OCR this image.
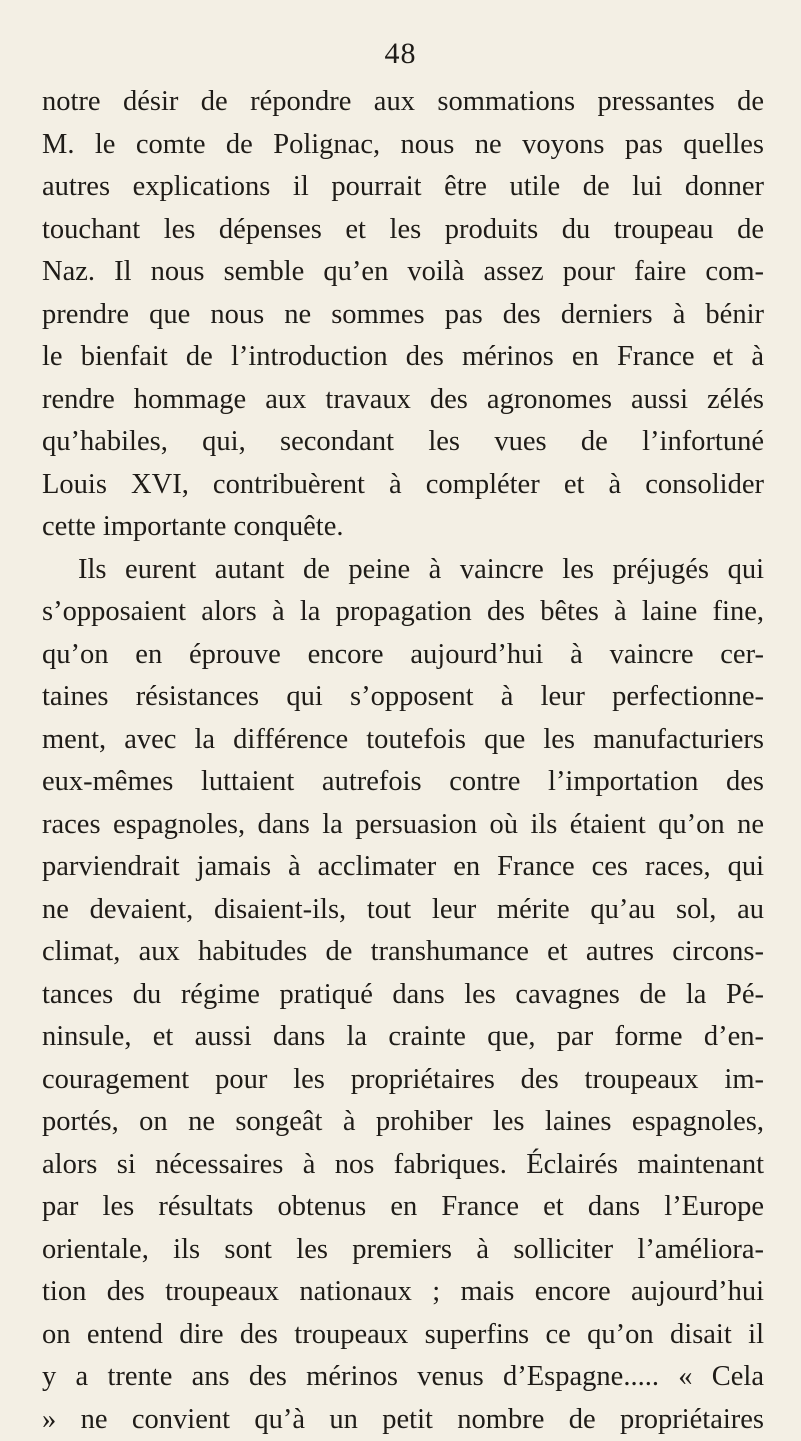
48
notre désir de répondre aux sommations pressantes de
M. le comte de Polignac, nous ne voyons pas quelles
autres explications il pourrait être utile de lui donner
touchant les dépenses et les produits du troupeau de
Naz. Il nous semble qu’en voilà assez pour faire com-
prendre que nous ne sommes pas des derniers à bénir
le bienfait de l’introduction des mérinos en France et à
rendre hommage aux travaux des agronomes aussi zélés
qu’habiles, qui, secondant les vues de l’infortuné
Louis XVI, contribuèrent à compléter et à consolider
cette importante conquête.
Ils eurent autant de peine à vaincre les préjugés qui
s’opposaient alors à la propagation des bêtes à laine fine,
qu’on en éprouve encore aujourd’hui à vaincre cer-
taines résistances qui s’opposent à leur perfectionne-
ment, avec la différence toutefois que les manufacturiers
eux-mêmes luttaient autrefois contre l’importation des
races espagnoles, dans la persuasion où ils étaient qu’on ne
parviendrait jamais à acclimater en France ces races, qui
ne devaient, disaient-ils, tout leur mérite qu’au sol, au
climat, aux habitudes de transhumance et autres circons-
tances du régime pratiqué dans les cavagnes de la Pé-
ninsule, et aussi dans la crainte que, par forme d’en-
couragement pour les propriétaires des troupeaux im-
portés, on ne songeât à prohiber les laines espagnoles,
alors si nécessaires à nos fabriques. Éclairés maintenant
par les résultats obtenus en France et dans l’Europe
orientale, ils sont les premiers à solliciter l’améliora-
tion des troupeaux nationaux ; mais encore aujourd’hui
on entend dire des troupeaux superfins ce qu’on disait il
y a trente ans des mérinos venus d’Espagne..... « Cela
» ne convient qu’à un petit nombre de propriétaires
